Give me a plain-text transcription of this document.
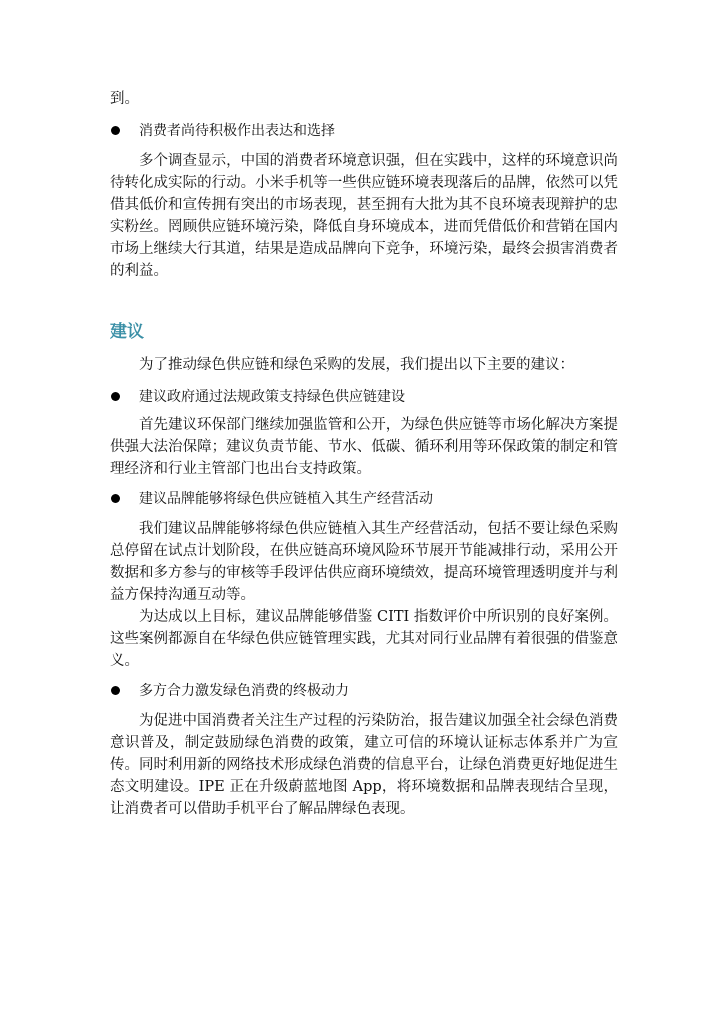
到。

消费者尚待积极作出表达和选择

多个调查显示，中国的消费者环境意识强，但在实践中，这样的环境意识尚待转化成实际的行动。小米手机等一些供应链环境表现落后的品牌，依然可以凭借其低价和宣传拥有突出的市场表现，甚至拥有大批为其不良环境表现辩护的忠实粉丝。罔顾供应链环境污染，降低自身环境成本，进而凭借低价和营销在国内市场上继续大行其道，结果是造成品牌向下竞争，环境污染，最终会损害消费者的利益。

建议

为了推动绿色供应链和绿色采购的发展，我们提出以下主要的建议：

建议政府通过法规政策支持绿色供应链建设

首先建议环保部门继续加强监管和公开，为绿色供应链等市场化解决方案提供强大法治保障；建议负责节能、节水、低碳、循环利用等环保政策的制定和管理经济和行业主管部门也出台支持政策。

建议品牌能够将绿色供应链植入其生产经营活动

我们建议品牌能够将绿色供应链植入其生产经营活动，包括不要让绿色采购总停留在试点计划阶段，在供应链高环境风险环节展开节能减排行动，采用公开数据和多方参与的审核等手段评估供应商环境绩效，提高环境管理透明度并与利益方保持沟通互动等。

为达成以上目标，建议品牌能够借鉴 CITI 指数评价中所识别的良好案例。这些案例都源自在华绿色供应链管理实践，尤其对同行业品牌有着很强的借鉴意义。

多方合力激发绿色消费的终极动力

为促进中国消费者关注生产过程的污染防治，报告建议加强全社会绿色消费意识普及，制定鼓励绿色消费的政策，建立可信的环境认证标志体系并广为宣传。同时利用新的网络技术形成绿色消费的信息平台，让绿色消费更好地促进生态文明建设。IPE 正在升级蔚蓝地图 App，将环境数据和品牌表现结合呈现，让消费者可以借助手机平台了解品牌绿色表现。
